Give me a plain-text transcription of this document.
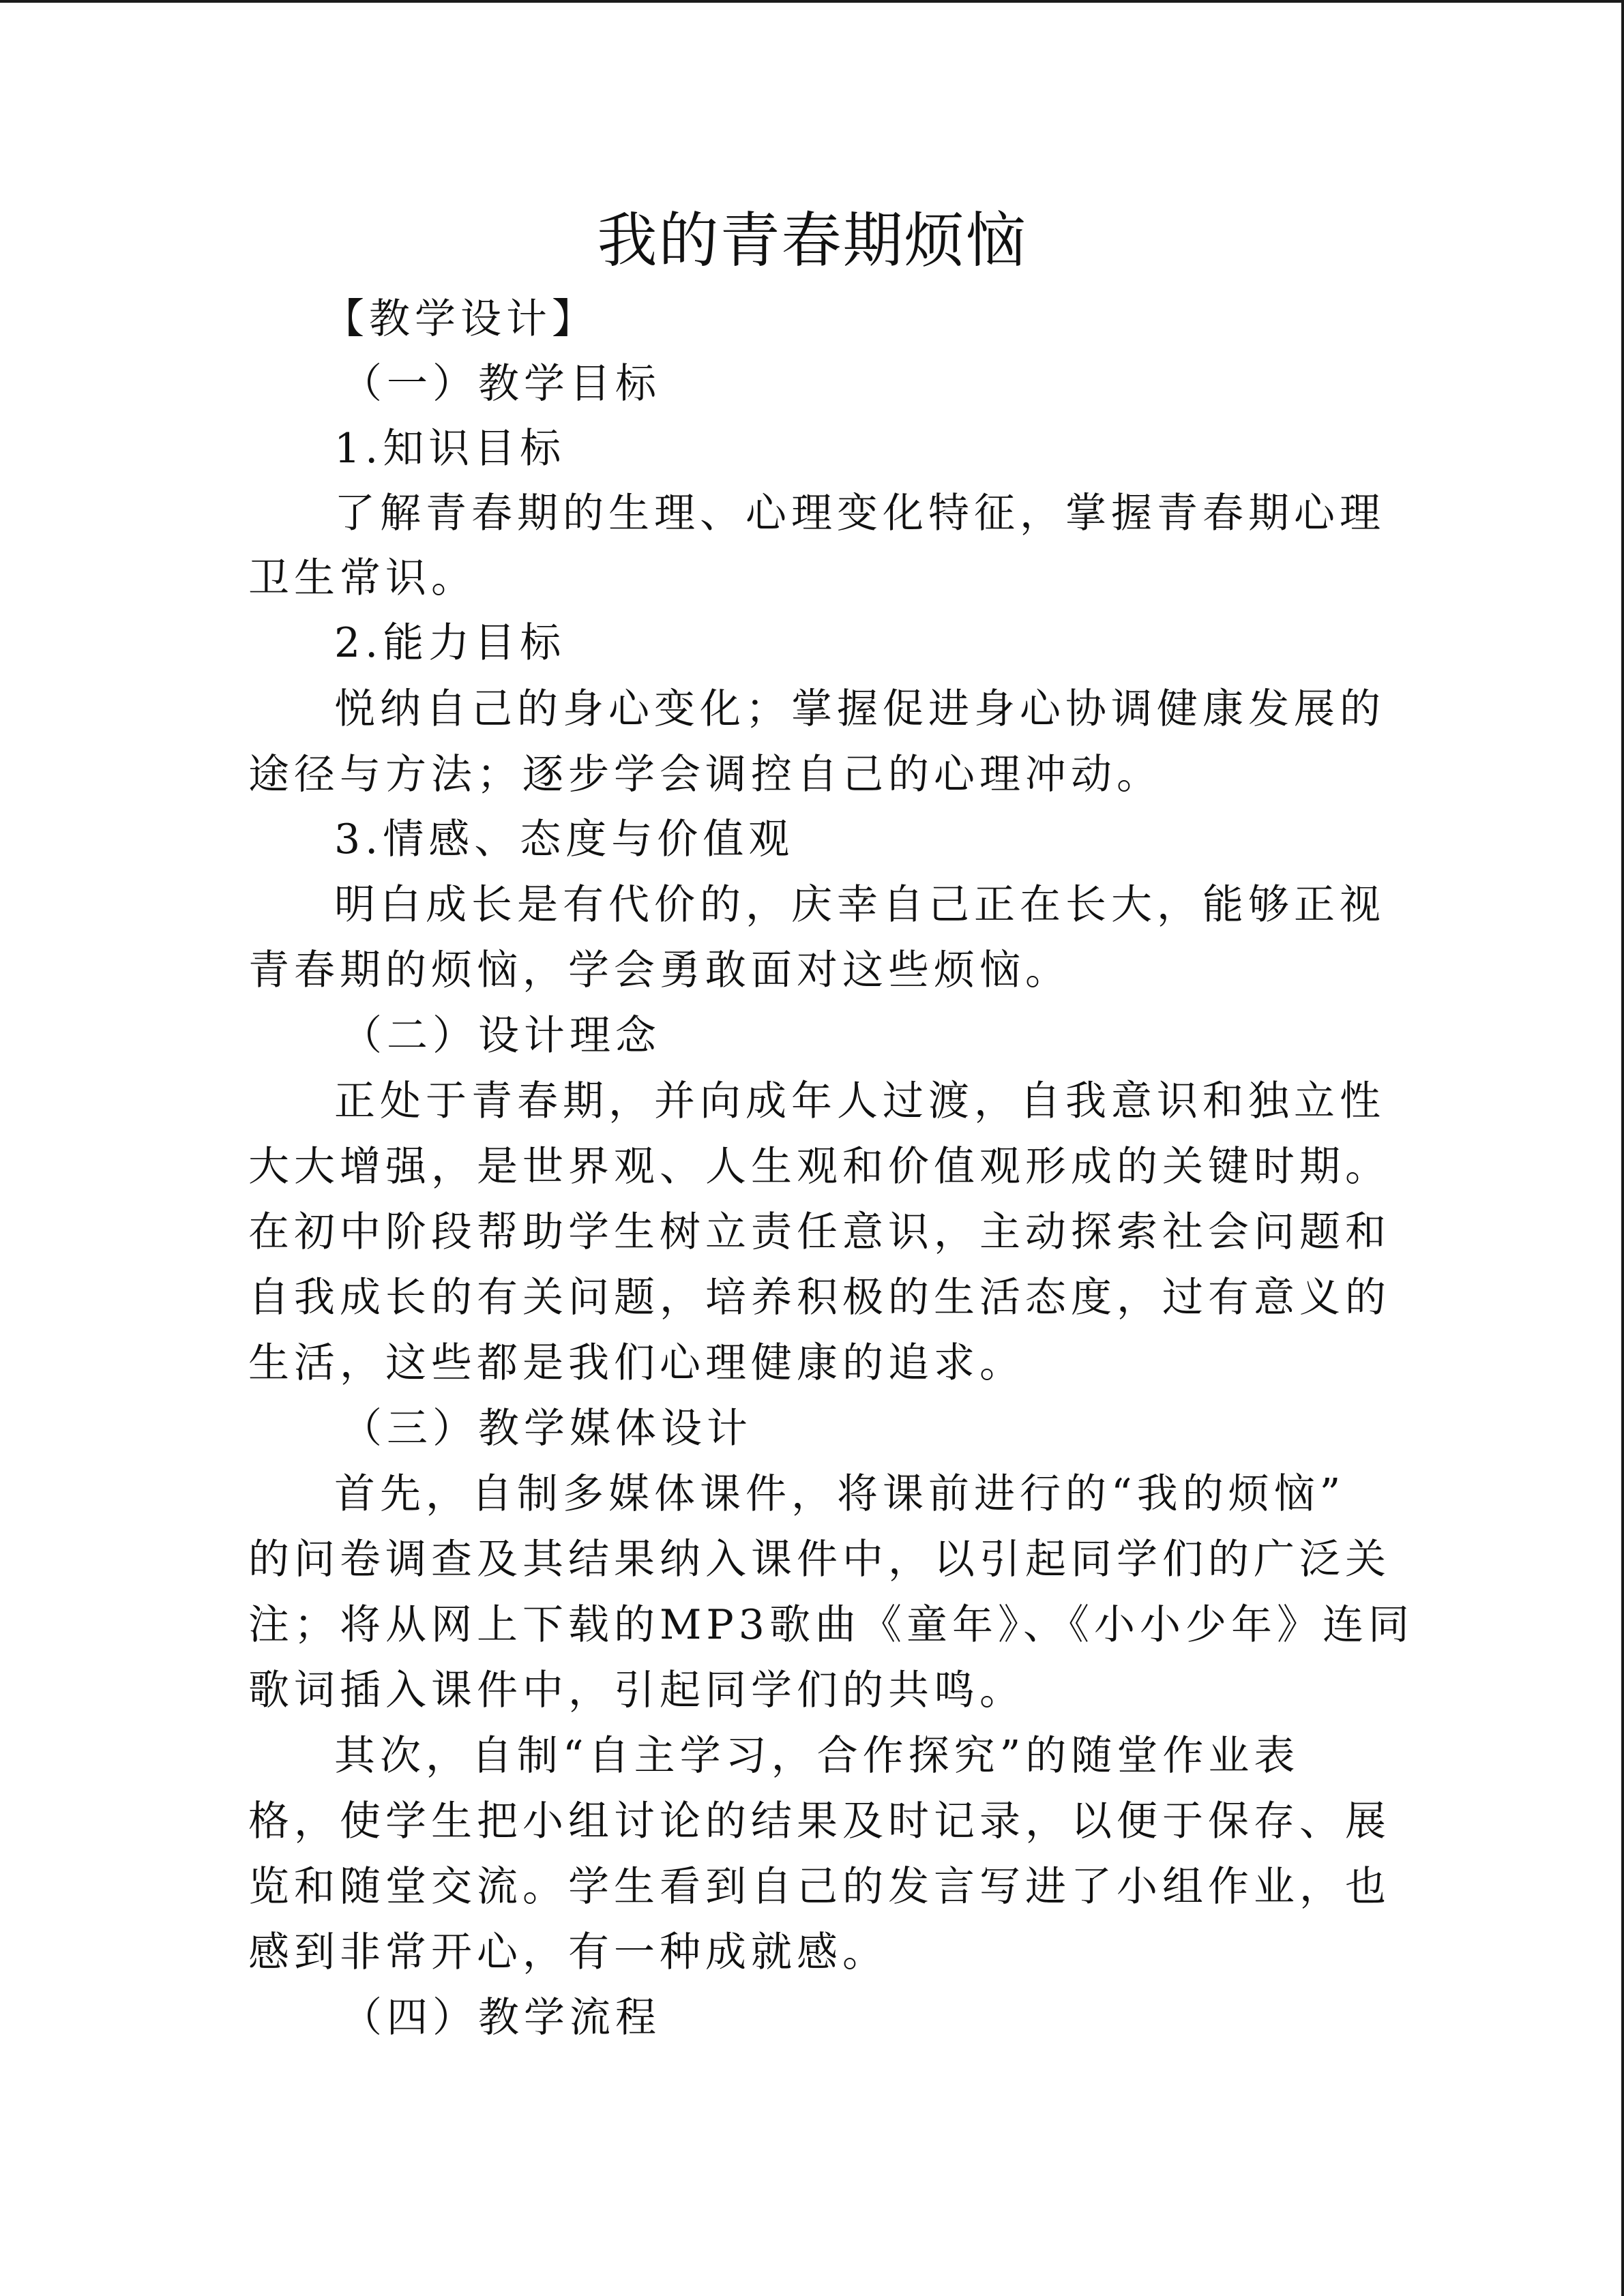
我的青春期烦恼
【教学设计】
（一）教学目标
1.知识目标
了解青春期的生理、心理变化特征，掌握青春期心理
卫生常识。
2.能力目标
悦纳自己的身心变化；掌握促进身心协调健康发展的
途径与方法；逐步学会调控自己的心理冲动。
3.情感、态度与价值观
明白成长是有代价的，庆幸自己正在长大，能够正视
青春期的烦恼，学会勇敢面对这些烦恼。
（二）设计理念
正处于青春期，并向成年人过渡，自我意识和独立性
大大增强，是世界观、人生观和价值观形成的关键时期。
在初中阶段帮助学生树立责任意识，主动探索社会问题和
自我成长的有关问题，培养积极的生活态度，过有意义的
生活，这些都是我们心理健康的追求。
（三）教学媒体设计
首先，自制多媒体课件，将课前进行的“我的烦恼”
的问卷调查及其结果纳入课件中，以引起同学们的广泛关
注；将从网上下载的MP3歌曲《童年》、《小小少年》连同
歌词插入课件中，引起同学们的共鸣。
其次，自制“自主学习，合作探究”的随堂作业表
格，使学生把小组讨论的结果及时记录，以便于保存、展
览和随堂交流。学生看到自己的发言写进了小组作业，也
感到非常开心，有一种成就感。
（四）教学流程
